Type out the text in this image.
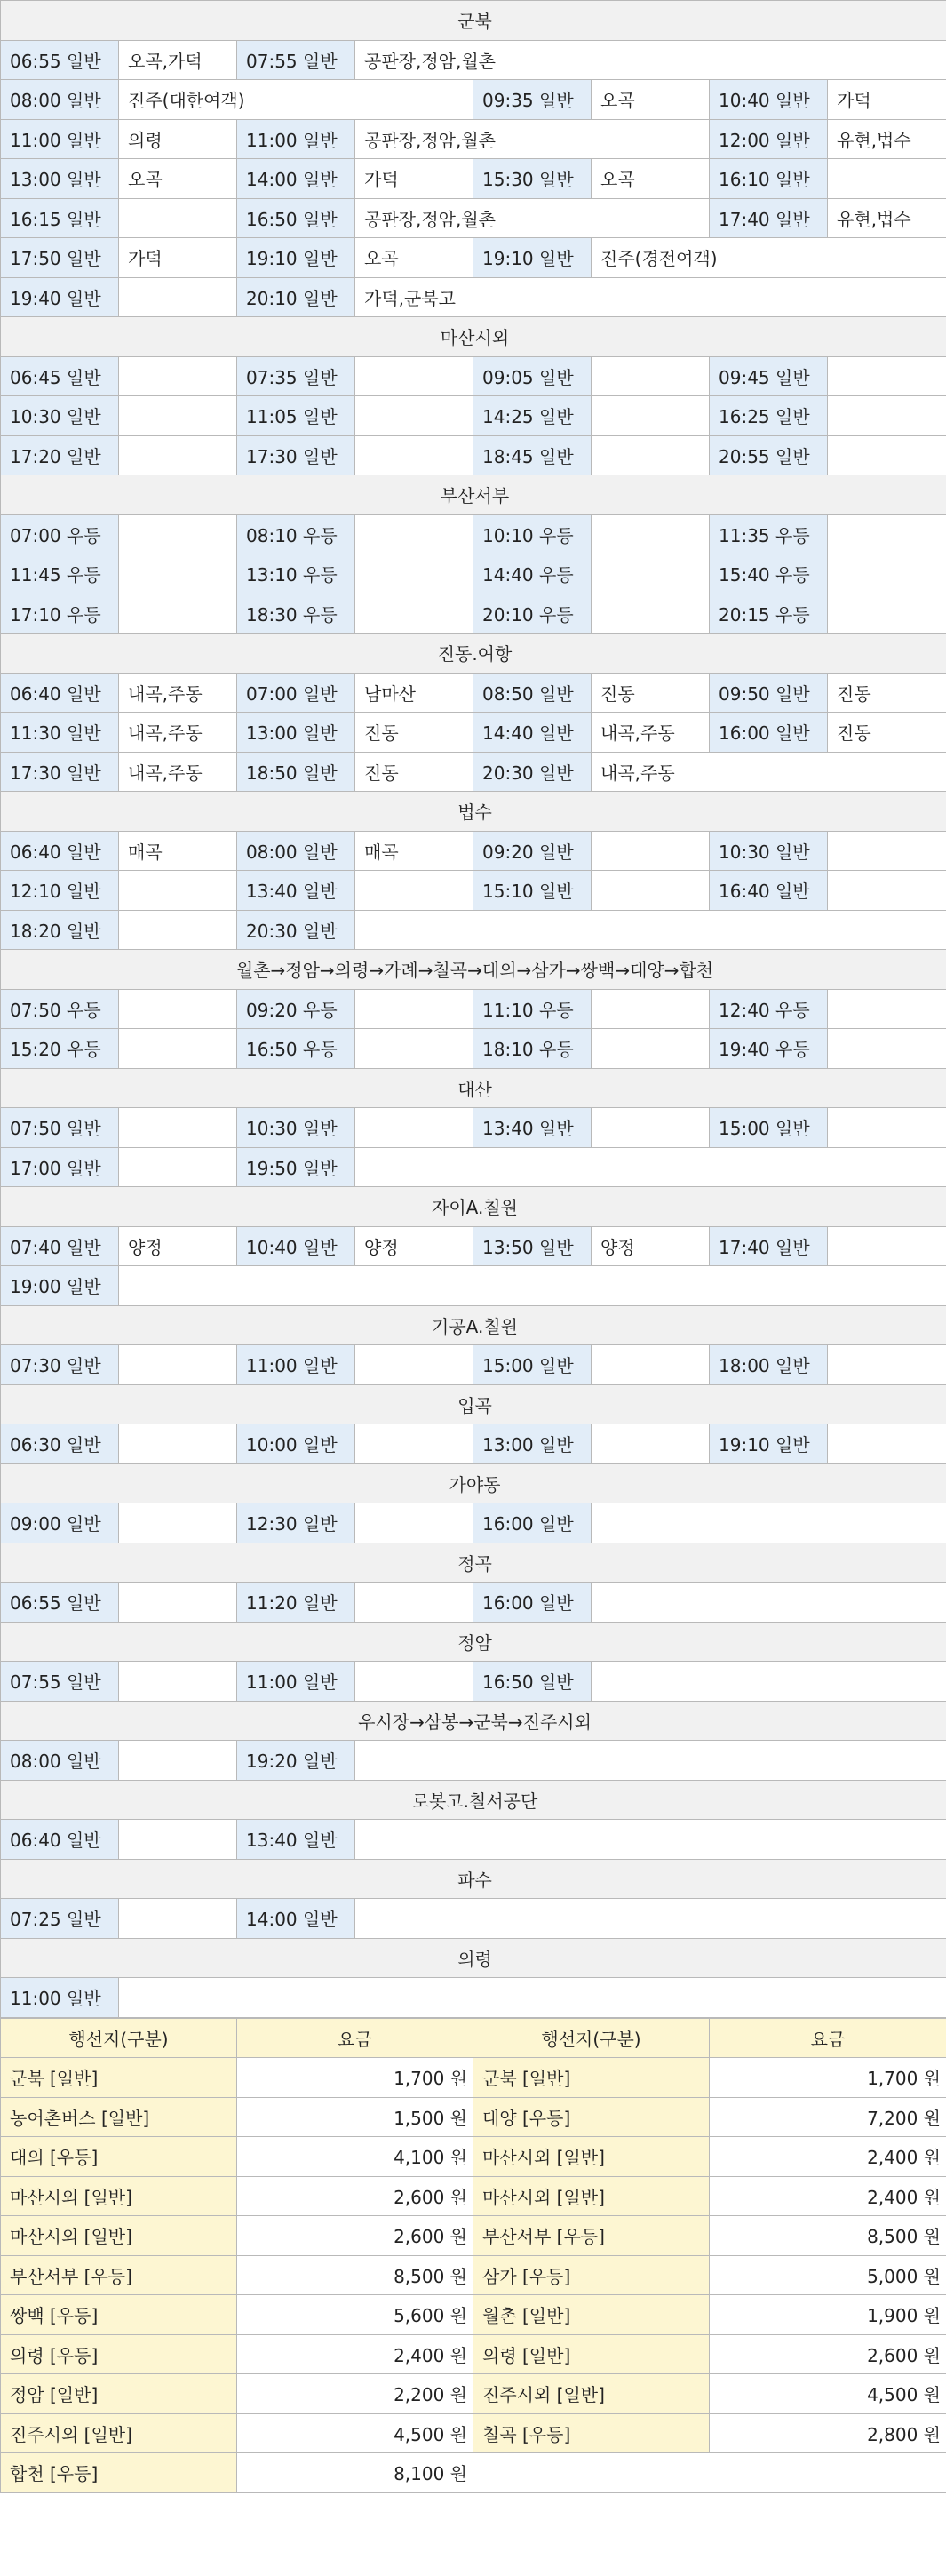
군북							
06:55 일반	오곡,가덕	07:55 일반	공판장,정암,월촌				
08:00 일반	진주(대한여객)			09:35 일반	오곡	10:40 일반	가덕
11:00 일반	의령	11:00 일반	공판장,정암,월촌			12:00 일반	유현,법수
13:00 일반	오곡	14:00 일반	가덕	15:30 일반	오곡	16:10 일반	
16:15 일반		16:50 일반	공판장,정암,월촌			17:40 일반	유현,법수
17:50 일반	가덕	19:10 일반	오곡	19:10 일반	진주(경전여객)		
19:40 일반		20:10 일반	가덕,군북고				
마산시외							
06:45 일반		07:35 일반		09:05 일반		09:45 일반	
10:30 일반		11:05 일반		14:25 일반		16:25 일반	
17:20 일반		17:30 일반		18:45 일반		20:55 일반	
부산서부							
07:00 우등		08:10 우등		10:10 우등		11:35 우등	
11:45 우등		13:10 우등		14:40 우등		15:40 우등	
17:10 우등		18:30 우등		20:10 우등		20:15 우등	
진동.여항							
06:40 일반	내곡,주동	07:00 일반	남마산	08:50 일반	진동	09:50 일반	진동
11:30 일반	내곡,주동	13:00 일반	진동	14:40 일반	내곡,주동	16:00 일반	진동
17:30 일반	내곡,주동	18:50 일반	진동	20:30 일반	내곡,주동		
법수							
06:40 일반	매곡	08:00 일반	매곡	09:20 일반		10:30 일반	
12:10 일반		13:40 일반		15:10 일반		16:40 일반	
18:20 일반		20:30 일반					
월촌→정암→의령→가례→칠곡→대의→삼가→쌍백→대양→합천							
07:50 우등		09:20 우등		11:10 우등		12:40 우등	
15:20 우등		16:50 우등		18:10 우등		19:40 우등	
대산							
07:50 일반		10:30 일반		13:40 일반		15:00 일반	
17:00 일반		19:50 일반					
자이A.칠원							
07:40 일반	양정	10:40 일반	양정	13:50 일반	양정	17:40 일반	
19:00 일반							
기공A.칠원							
07:30 일반		11:00 일반		15:00 일반		18:00 일반	
입곡							
06:30 일반		10:00 일반		13:00 일반		19:10 일반	
가야동							
09:00 일반		12:30 일반		16:00 일반			
정곡							
06:55 일반		11:20 일반		16:00 일반			
정암							
07:55 일반		11:00 일반		16:50 일반			
우시장→삼봉→군북→진주시외							
08:00 일반		19:20 일반					
로봇고.칠서공단							
06:40 일반		13:40 일반					
파수							
07:25 일반		14:00 일반					
의령							
11:00 일반							
행선지(구분)	요금	행선지(구분)	요금
군북 [일반]	1,700 원	군북 [일반]	1,700 원
농어촌버스 [일반]	1,500 원	대양 [우등]	7,200 원
대의 [우등]	4,100 원	마산시외 [일반]	2,400 원
마산시외 [일반]	2,600 원	마산시외 [일반]	2,400 원
마산시외 [일반]	2,600 원	부산서부 [우등]	8,500 원
부산서부 [우등]	8,500 원	삼가 [우등]	5,000 원
쌍백 [우등]	5,600 원	월촌 [일반]	1,900 원
의령 [우등]	2,400 원	의령 [일반]	2,600 원
정암 [일반]	2,200 원	진주시외 [일반]	4,500 원
진주시외 [일반]	4,500 원	칠곡 [우등]	2,800 원
합천 [우등]	8,100 원		
